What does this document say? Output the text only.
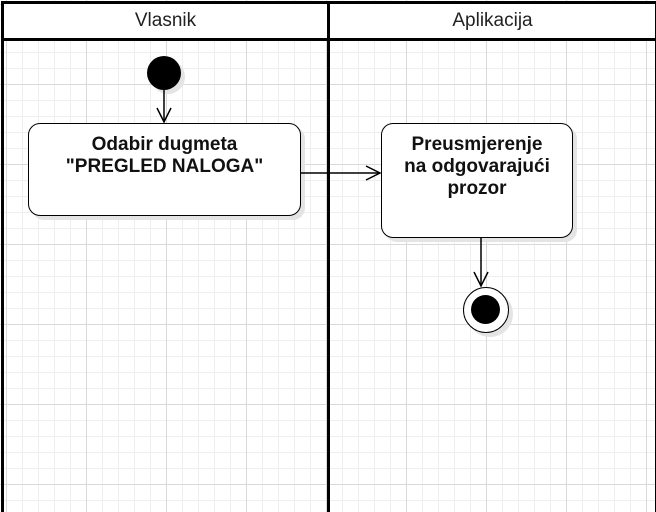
Vlasnik	Aplikacija
Odabir dugmeta
"PREGLED NALOGA"
Preusmjerenje
na odgovarajući
prozor
